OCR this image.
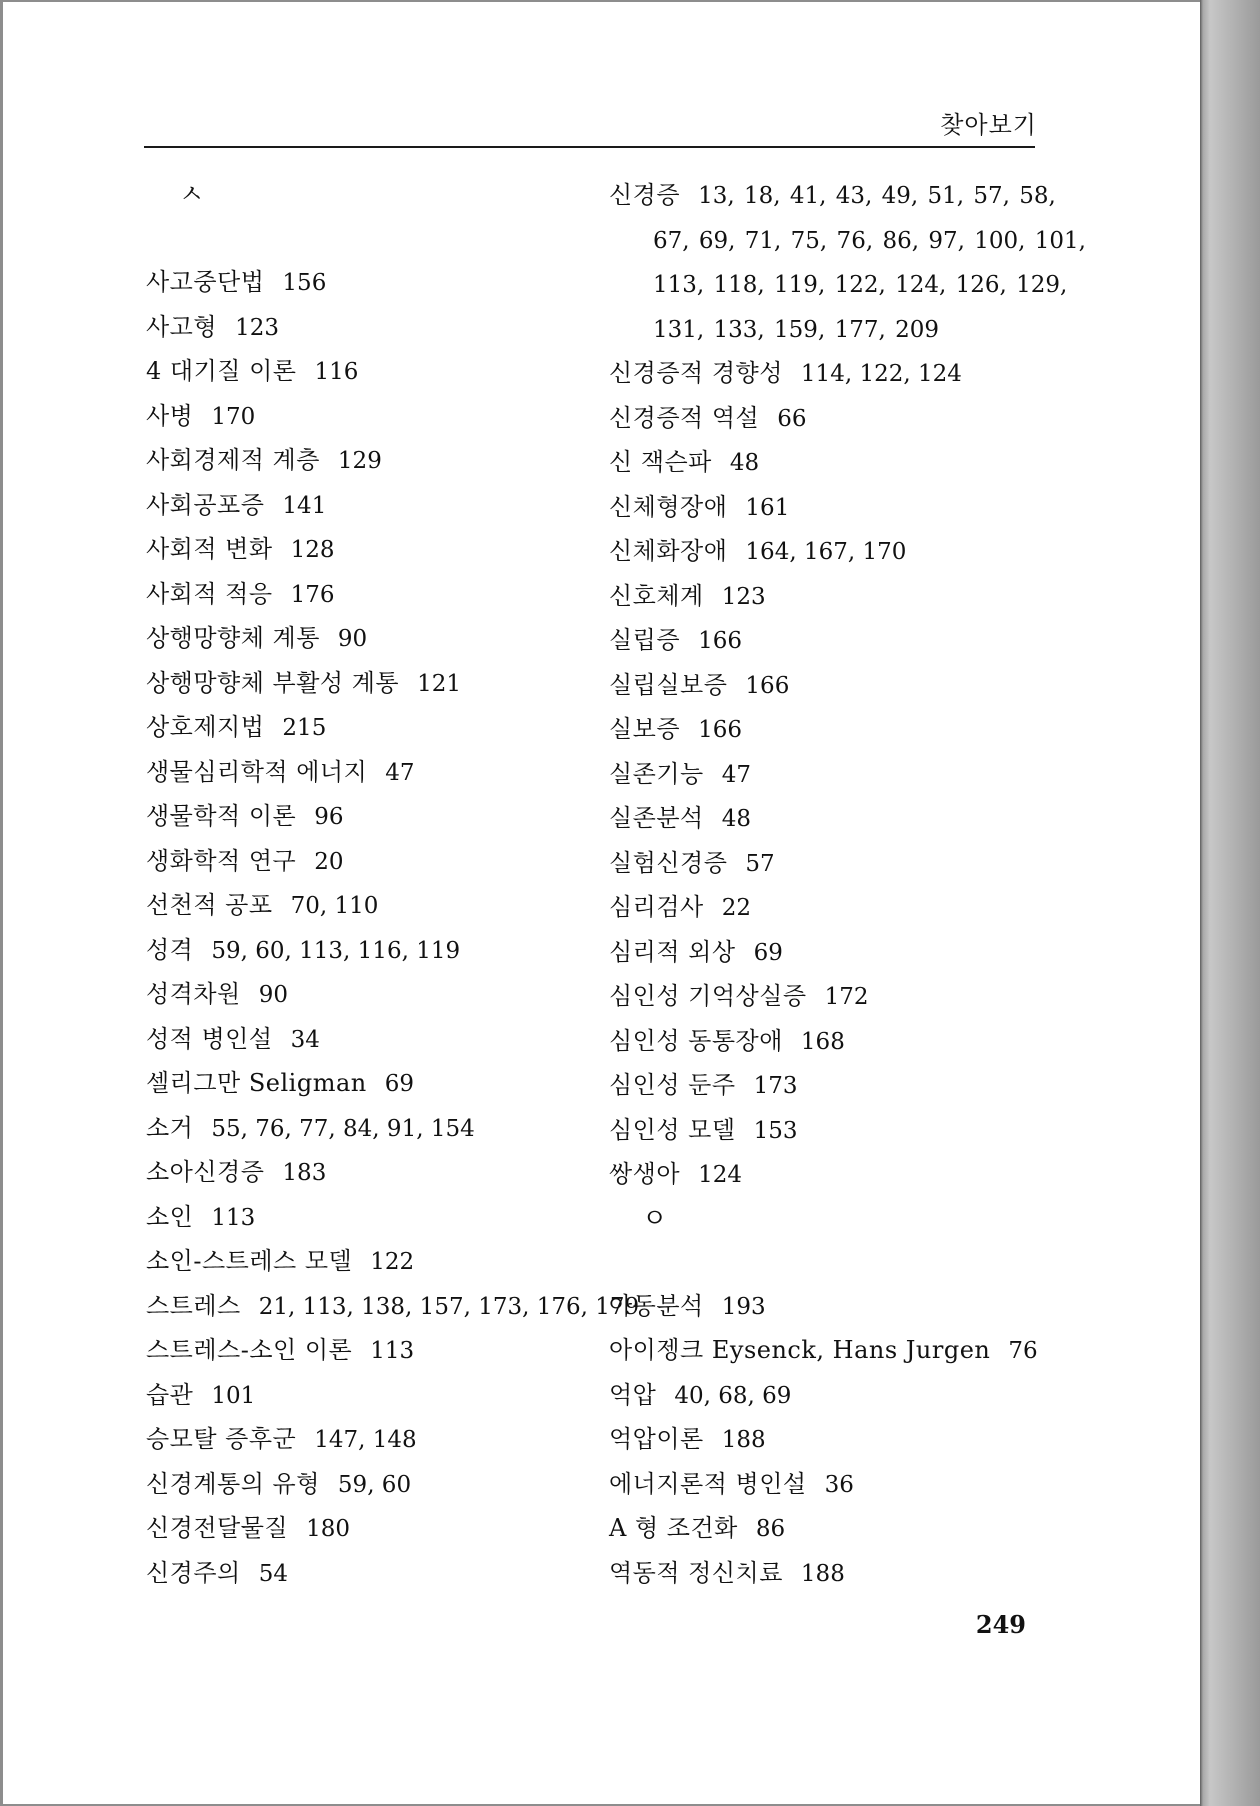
찾아보기
ㅅ
사고중단법 156
사고형 123
4 대기질 이론 116
사병 170
사회경제적 계층 129
사회공포증 141
사회적 변화 128
사회적 적응 176
상행망향체 계통 90
상행망향체 부활성 계통 121
상호제지법 215
생물심리학적 에너지 47
생물학적 이론 96
생화학적 연구 20
선천적 공포 70, 110
성격 59, 60, 113, 116, 119
성격차원 90
성적 병인설 34
셀리그만 Seligman 69
소거 55, 76, 77, 84, 91, 154
소아신경증 183
소인 113
소인-스트레스 모델 122
스트레스 21, 113, 138, 157, 173, 176, 179
스트레스-소인 이론 113
습관 101
승모탈 증후군 147, 148
신경계통의 유형 59, 60
신경전달물질 180
신경주의 54
신경증 13, 18, 41, 43, 49, 51, 57, 58, 67, 69, 71, 75, 76, 86, 97, 100, 101, 113, 118, 119, 122, 124, 126, 129, 131, 133, 159, 177, 209
신경증적 경향성 114, 122, 124
신경증적 역설 66
신 잭슨파 48
신체형장애 161
신체화장애 164, 167, 170
신호체계 123
실립증 166
실립실보증 166
실보증 166
실존기능 47
실존분석 48
실험신경증 57
심리검사 22
심리적 외상 69
심인성 기억상실증 172
심인성 동통장애 168
심인성 둔주 173
심인성 모델 153
쌍생아 124
ㅇ
아동분석 193
아이젱크 Eysenck, Hans Jurgen 76
억압 40, 68, 69
억압이론 188
에너지론적 병인설 36
A 형 조건화 86
역동적 정신치료 188
249
